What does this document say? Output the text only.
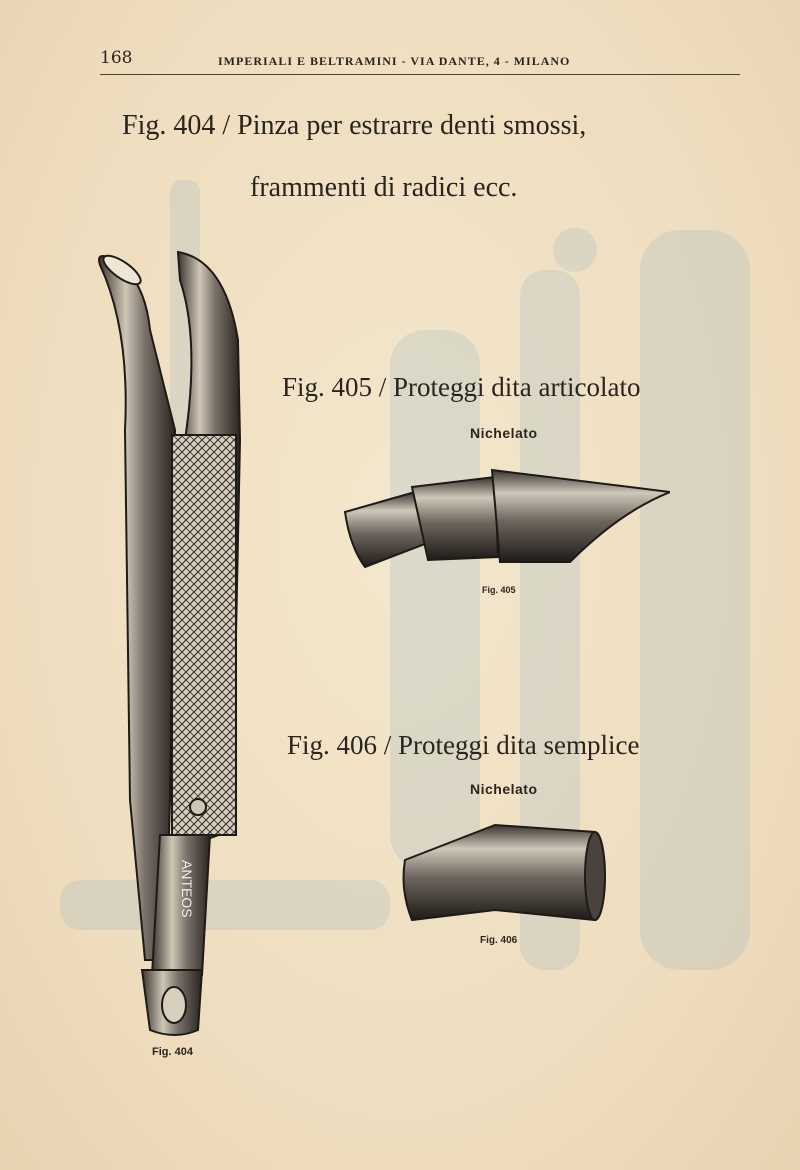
168	IMPERIALI E BELTRAMINI - VIA DANTE, 4 - MILANO
Fig. 404 / Pinza per estrarre denti smossi,
frammenti di radici ecc.
ANTEOS
Fig. 404
Fig. 405 / Proteggi dita articolato
Nichelato
Fig. 405
Fig. 406 / Proteggi dita semplice
Nichelato
Fig. 406
